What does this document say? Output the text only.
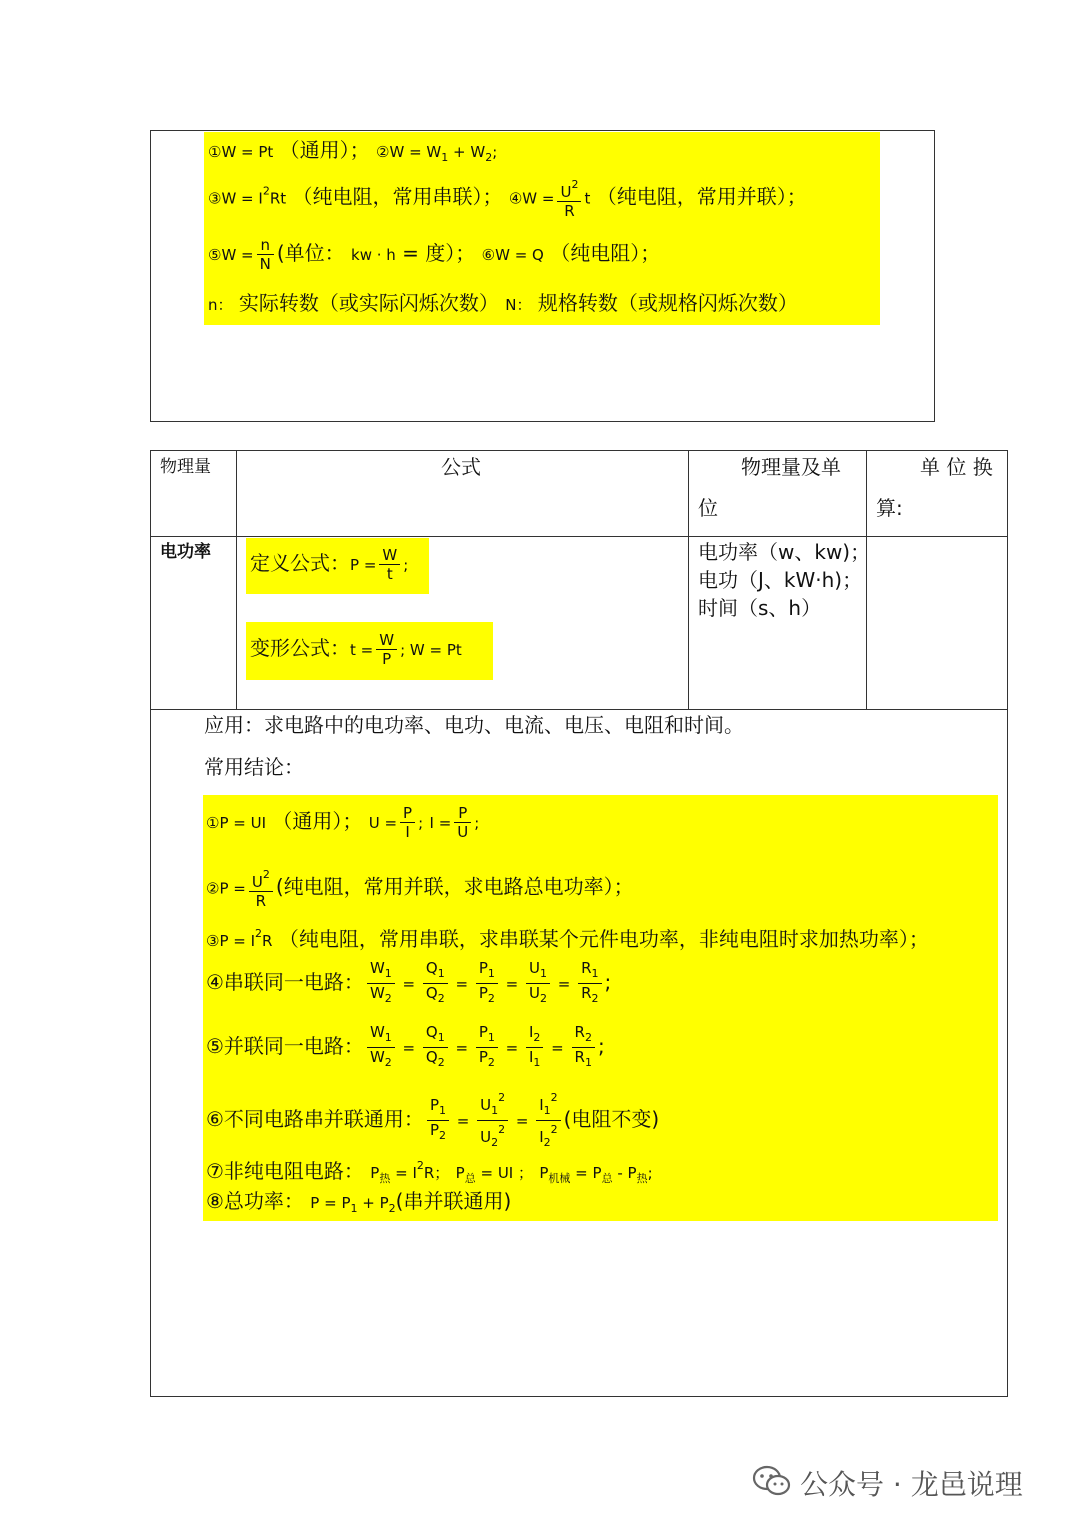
①W = Pt （通用）； ②W = $W_1 + W_2$;
③W = $I^2Rt$ （纯电阻，常用串联）； ④W = $\frac{U^2}{R}$ t （纯电阻，常用并联）；
⑤W = $\frac{n}{N}$ (单位： kw · h = 度）； ⑥W = Q （纯电阻）；
n： 实际转数（或实际闪烁次数） N： 规格转数（或规格闪烁次数）
物理量	公式	物理量及单
位
单 位 换
算:
电功率 定义公式：$P = \frac{W}{t}$ ;
变形公式：$t = \frac{W}{P}$ ; W = Pt
电功率（w、kw)；
电功（J、kW·h)；
时间（s、h）
应用：求电路中的电功率、电功、电流、电压、电阻和时间。
常用结论：
①P = UI （通用）； $U = \frac{P}{I}$ ; $I = \frac{P}{U}$ ;
②P = $\frac{U^2}{R}$ (纯电阻，常用并联，求电路总电功率）；
③P = $I^2R$ （纯电阻，常用串联，求串联某个元件电功率，非纯电阻时求加热功率）；
④串联同一电路： $\frac{W_1}{W_2} = \frac{Q_1}{Q_2} = \frac{P_1}{P_2} = \frac{U_1}{U_2} = \frac{R_1}{R_2}$ ;
⑤并联同一电路： $\frac{W_1}{W_2} = \frac{Q_1}{Q_2} = \frac{P_1}{P_2} = \frac{I_2}{I_1} = \frac{R_2}{R_1}$ ;
⑥不同电路串并联通用： $\frac{P_1}{P_2} = \frac{U_1^2}{U_2^2} = \frac{I_1^2}{I_2^2}$ (电阻不变)
⑦非纯电阻电路： $P_热 = I^2R$； $P_总$ = UI ； $P_{机械} = P_总 - P_热$;
⑧总功率： $P = P_1 + P_2$(串并联通用)
公众号 · 龙邑说理
